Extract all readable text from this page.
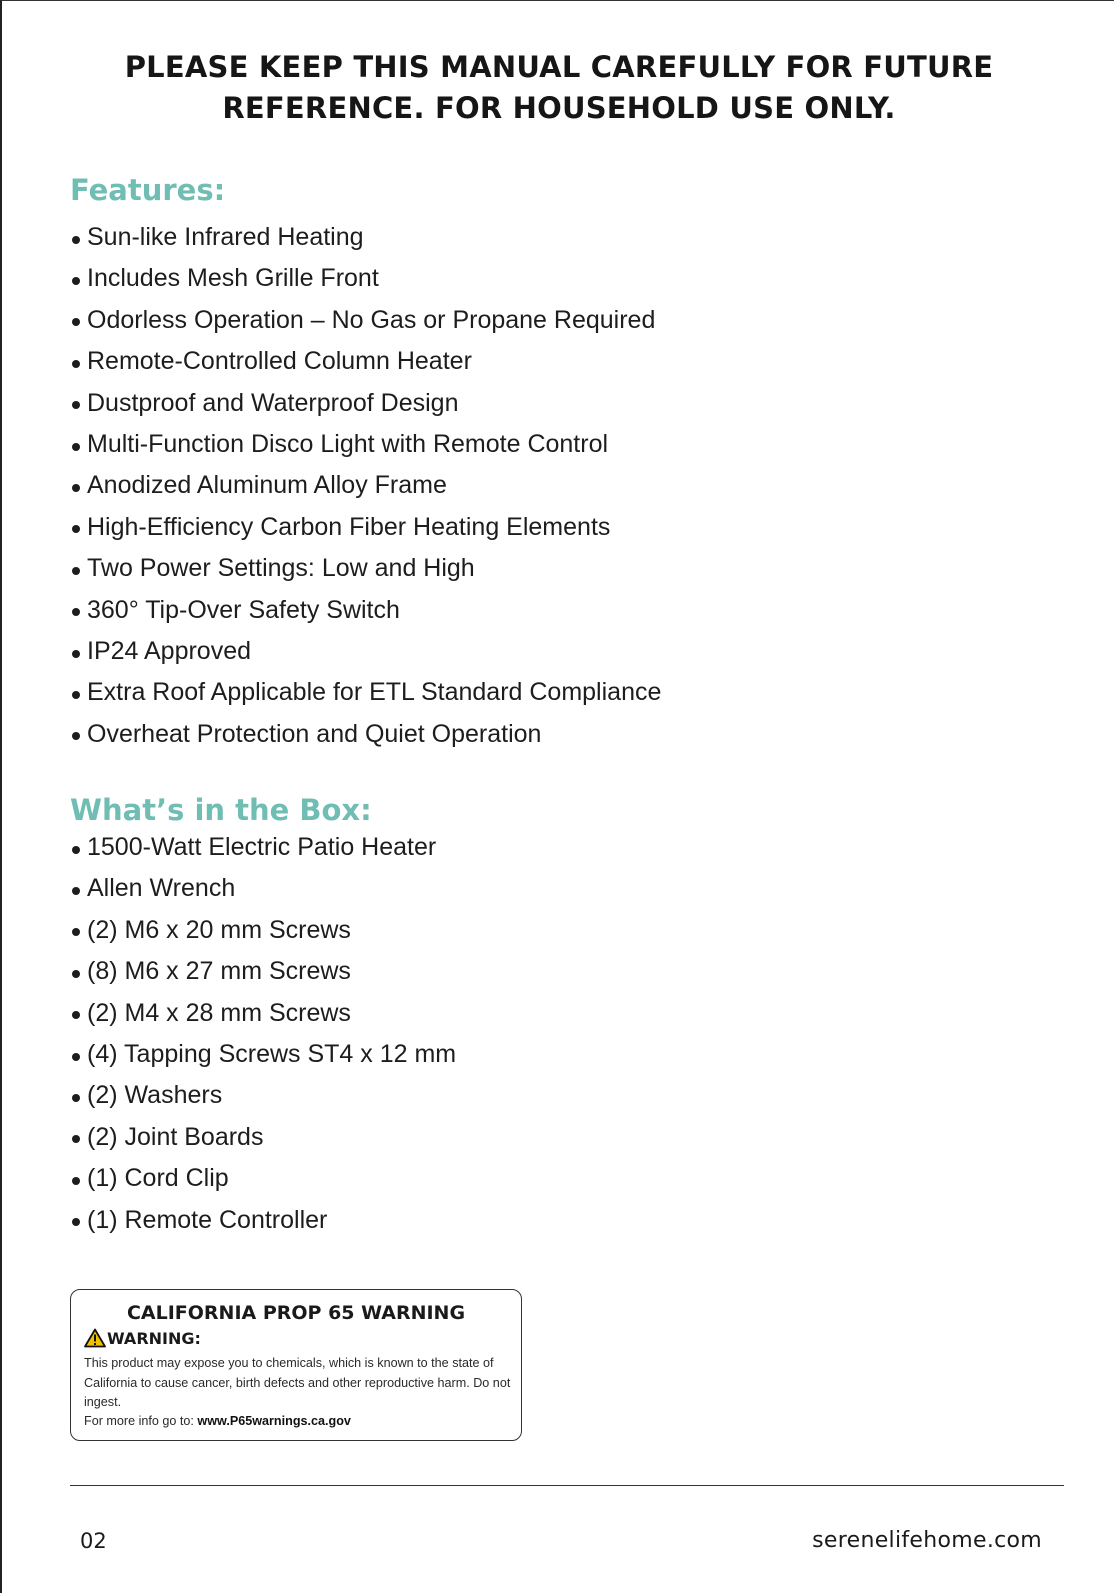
PLEASE KEEP THIS MANUAL CAREFULLY FOR FUTURE
REFERENCE. FOR HOUSEHOLD USE ONLY.
Features:
Sun-like Infrared Heating
Includes Mesh Grille Front
Odorless Operation – No Gas or Propane Required
Remote-Controlled Column Heater
Dustproof and Waterproof Design
Multi-Function Disco Light with Remote Control
Anodized Aluminum Alloy Frame
High-Efficiency Carbon Fiber Heating Elements
Two Power Settings: Low and High
360° Tip-Over Safety Switch
IP24 Approved
Extra Roof Applicable for ETL Standard Compliance
Overheat Protection and Quiet Operation
What’s in the Box:
1500-Watt Electric Patio Heater
Allen Wrench
(2) M6 x 20 mm Screws
(8) M6 x 27 mm Screws
(2) M4 x 28 mm Screws
(4) Tapping Screws ST4 x 12 mm
(2) Washers
(2) Joint Boards
(1) Cord Clip
(1) Remote Controller
CALIFORNIA PROP 65 WARNING
WARNING:
This product may expose you to chemicals, which is known to the state of California to cause cancer, birth defects and other reproductive harm. Do not ingest.
For more info go to: www.P65warnings.ca.gov
02	serenelifehome.com
